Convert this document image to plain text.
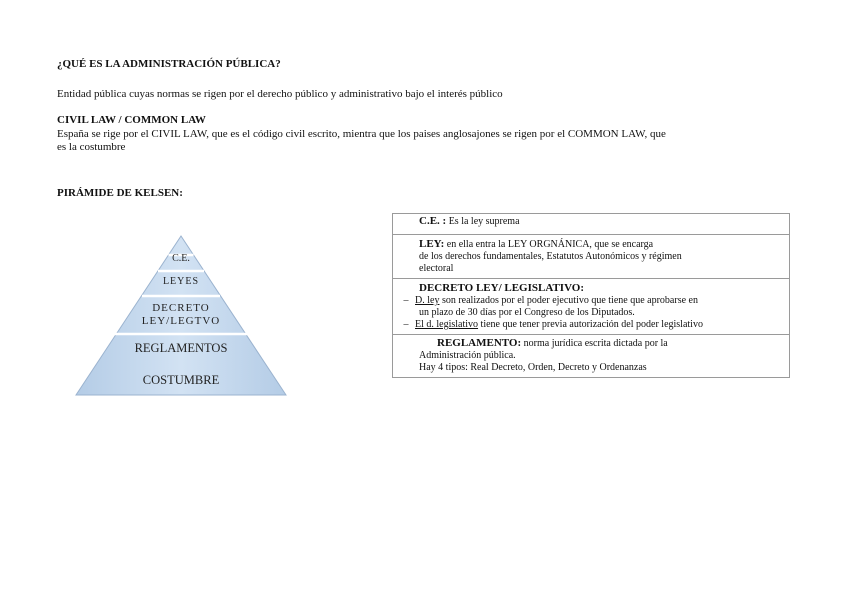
¿QUÉ ES LA ADMINISTRACIÓN PÚBLICA?
Entidad pública cuyas normas se rigen por el derecho público y administrativo bajo el interés público
CIVIL LAW / COMMON LAW
España se rige por el CIVIL LAW, que es el código civil escrito, mientra que los paises anglosajones se rigen por el COMMON LAW, que
es la costumbre
PIRÁMIDE DE KELSEN:
C.E.
LEYES
DECRETO
LEY/LEGTVO
REGLAMENTOS
COSTUMBRE
C.E. : Es la ley suprema

LEY: en ella entra la LEY ORGNÁNICA, que se encarga
de los derechos fundamentales, Estatutos Autonómicos y régimen
electoral

DECRETO LEY/ LEGISLATIVO:
– D. ley son realizados por el poder ejecutivo que tiene que aprobarse en
un plazo de 30 días por el Congreso de los Diputados.
– El d. legislativo tiene que tener previa autorización del poder legislativo

REGLAMENTO: norma jurídica escrita dictada por la
Administración pública.
Hay 4 tipos: Real Decreto, Orden, Decreto y Ordenanzas
